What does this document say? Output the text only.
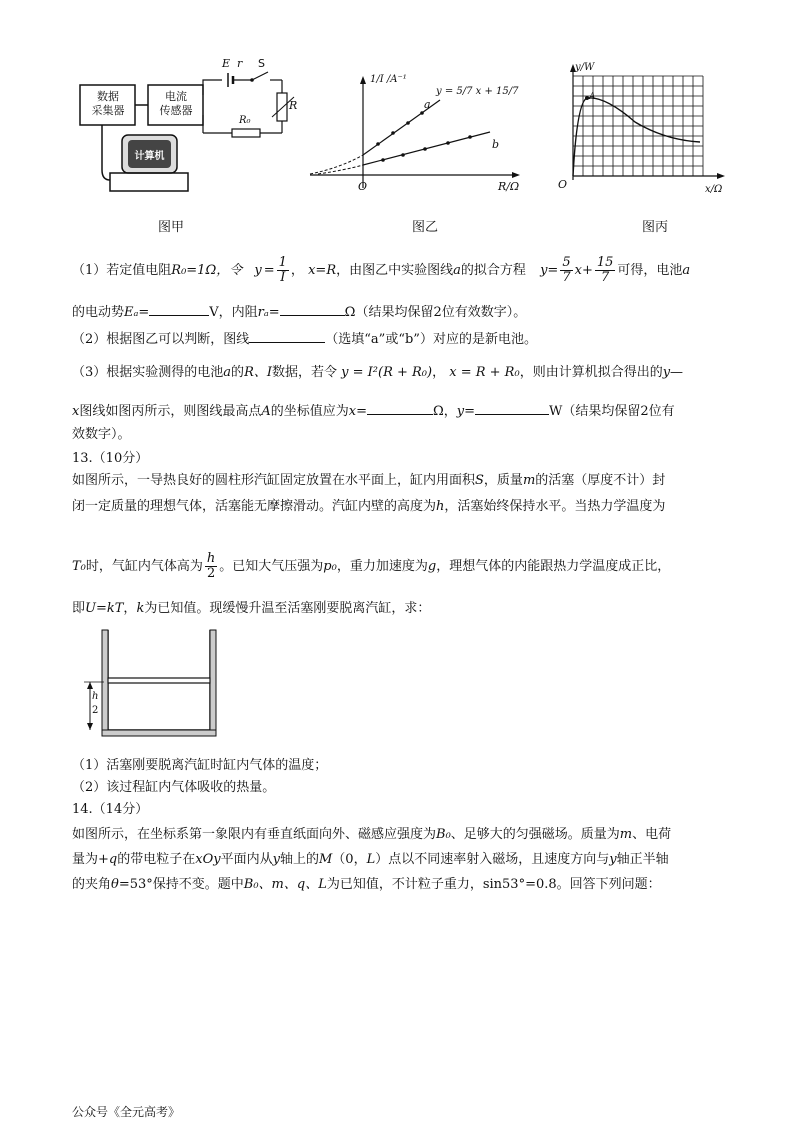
数据
采集器
电流
传感器
计算机
E r S
R
R₀
图甲
1/I /A⁻¹
R/Ω
O
a
b
y = 5/7 x + 15/7
图乙
y/W
x/Ω
O
A
图丙
（1）若定值电阻R₀=1Ω，令 $y = \frac{1}{I}$ ， x=R，由图乙中实验图线a的拟合方程 $y= \frac{5}{7} x+ \frac{15}{7}$ 可得，电池a
的电动势Eₐ=	V，内阻rₐ=	Ω（结果均保留2位有效数字）。
（2）根据图乙可以判断，图线	（选填“a”或“b”）对应的是新电池。
（3）根据实验测得的电池a的R、I数据，若令 y = I²(R + R₀)， x = R + R₀，则由计算机拟合得出的y—
x图线如图丙所示，则图线最高点A的坐标值应为x=	Ω，y=	W（结果均保留2位有
效数字）。
13.（10分）
如图所示，一导热良好的圆柱形汽缸固定放置在水平面上，缸内用面积S，质量m的活塞（厚度不计）封
闭一定质量的理想气体，活塞能无摩擦滑动。汽缸内壁的高度为h，活塞始终保持水平。当热力学温度为
T₀时，气缸内气体高为 $\frac{h}{2}$ 。已知大气压强为p₀，重力加速度为g，理想气体的内能跟热力学温度成正比，
即U=kT，k为已知值。现缓慢升温至活塞刚要脱离汽缸，求：
h
2
（1）活塞刚要脱离汽缸时缸内气体的温度；
（2）该过程缸内气体吸收的热量。
14.（14分）
如图所示，在坐标系第一象限内有垂直纸面向外、磁感应强度为B₀、足够大的匀强磁场。质量为m、电荷
量为+q的带电粒子在xOy平面内从y轴上的M（0，L）点以不同速率射入磁场，且速度方向与y轴正半轴
的夹角θ=53°保持不变。题中B₀、m、q、L为已知值，不计粒子重力，sin53°=0.8。回答下列问题：
公众号《全元高考》
